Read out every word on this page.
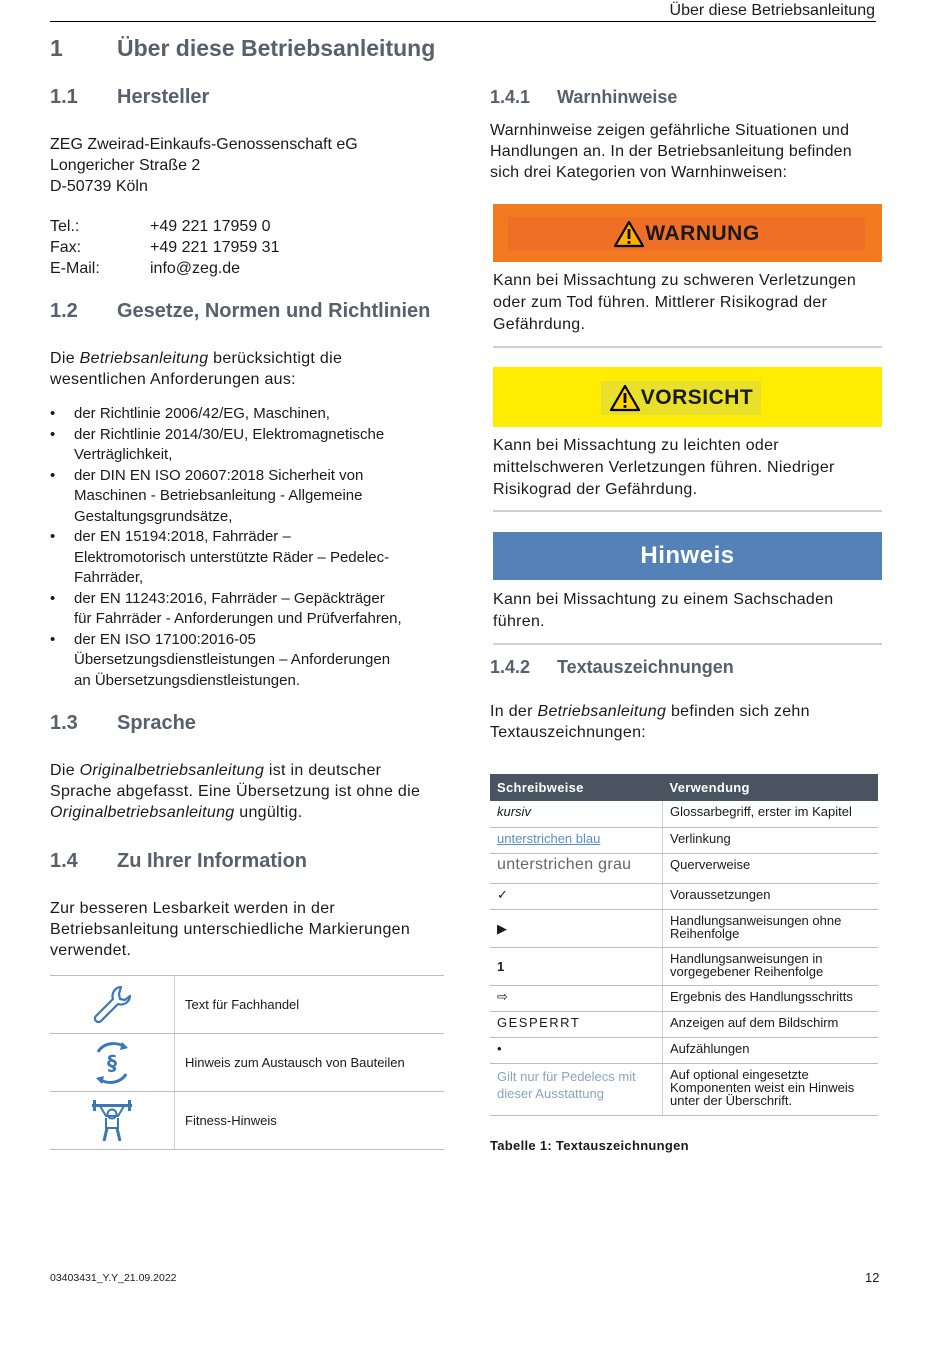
Über diese Betriebsanleitung
1 Über diese Betriebsanleitung
1.1 Hersteller
ZEG Zweirad-Einkaufs-Genossenschaft eG
Longericher Straße 2
D-50739 Köln
Tel.:	+49 221 17959 0
Fax:	+49 221 17959 31
E-Mail:	info@zeg.de
1.2 Gesetze, Normen und Richtlinien
Die Betriebsanleitung berücksichtigt die
wesentlichen Anforderungen aus:
• der Richtlinie 2006/42/EG, Maschinen,
• der Richtlinie 2014/30/EU, Elektromagnetische
Verträglichkeit,
• der DIN EN ISO 20607:2018 Sicherheit von
Maschinen - Betriebsanleitung - Allgemeine
Gestaltungsgrundsätze,
• der EN 15194:2018, Fahrräder –
Elektromotorisch unterstützte Räder – Pedelec-
Fahrräder,
• der EN 11243:2016, Fahrräder – Gepäckträger
für Fahrräder - Anforderungen und Prüfverfahren,
• der EN ISO 17100:2016-05
Übersetzungsdienstleistungen – Anforderungen
an Übersetzungsdienstleistungen.
1.3 Sprache
Die Originalbetriebsanleitung ist in deutscher
Sprache abgefasst. Eine Übersetzung ist ohne die
Originalbetriebsanleitung ungültig.
1.4 Zu Ihrer Information
Zur besseren Lesbarkeit werden in der
Betriebsanleitung unterschiedliche Markierungen
verwendet.
Text für Fachhandel
§	Hinweis zum Austausch von Bauteilen
Fitness-Hinweis
1.4.1 Warnhinweise
Warnhinweise zeigen gefährliche Situationen und
Handlungen an. In der Betriebsanleitung befinden
sich drei Kategorien von Warnhinweisen:
WARNUNG
Kann bei Missachtung zu schweren Verletzungen
oder zum Tod führen. Mittlerer Risikograd der
Gefährdung.
VORSICHT
Kann bei Missachtung zu leichten oder
mittelschweren Verletzungen führen. Niedriger
Risikograd der Gefährdung.
Hinweis
Kann bei Missachtung zu einem Sachschaden
führen.
1.4.2 Textauszeichnungen
In der Betriebsanleitung befinden sich zehn
Textauszeichnungen:
Schreibweise	Verwendung
kursiv	Glossarbegriff, erster im Kapitel
unterstrichen blau	Verlinkung
unterstrichen grau	Querverweise
✓	Voraussetzungen
▶	Handlungsanweisungen ohne Reihenfolge
1	Handlungsanweisungen in vorgegebener Reihenfolge
⇨	Ergebnis des Handlungsschritts
GESPERRT	Anzeigen auf dem Bildschirm
•	Aufzählungen
Gilt nur für Pedelecs mit dieser Ausstattung	Auf optional eingesetzte Komponenten weist ein Hinweis unter der Überschrift.
Tabelle 1: Textauszeichnungen
03403431_Y.Y_21.09.2022	12
